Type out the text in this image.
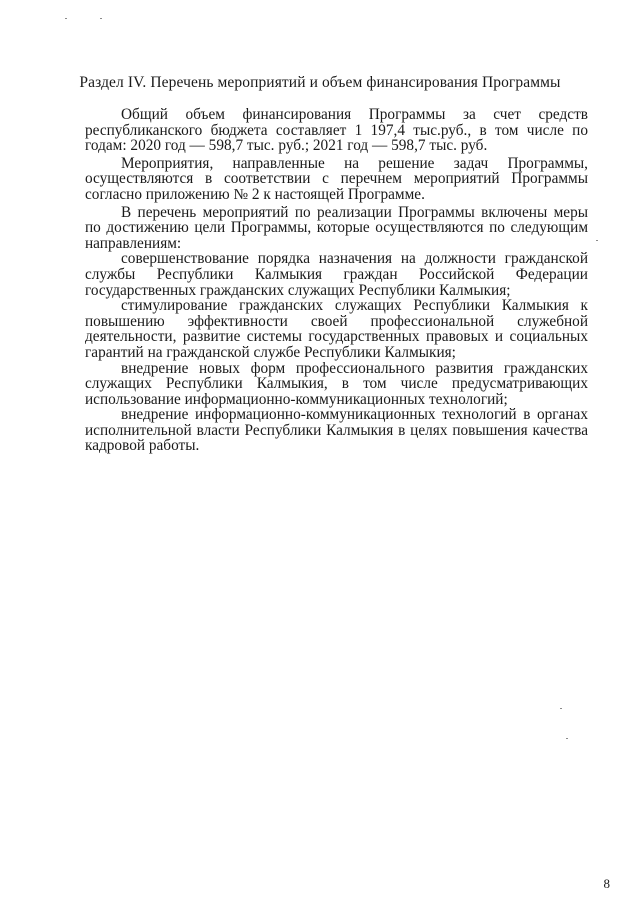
Раздел IV. Перечень мероприятий и объем финансирования Программы

Общий объем финансирования Программы за счет средств республиканского бюджета составляет 1 197,4 тыс.руб., в том числе по годам: 2020 год — 598,7 тыс. руб.; 2021 год — 598,7 тыс. руб.

Мероприятия, направленные на решение задач Программы, осуществляются в соответствии с перечнем мероприятий Программы согласно приложению № 2 к настоящей Программе.

В перечень мероприятий по реализации Программы включены меры по достижению цели Программы, которые осуществляются по следующим направлениям:

совершенствование порядка назначения на должности гражданской службы Республики Калмыкия граждан Российской Федерации государственных гражданских служащих Республики Калмыкия;

стимулирование гражданских служащих Республики Калмыкия к повышению эффективности своей профессиональной служебной деятельности, развитие системы государственных правовых и социальных гарантий на гражданской службе Республики Калмыкия;

внедрение новых форм профессионального развития гражданских служащих Республики Калмыкия, в том числе предусматривающих использование информационно-коммуникационных технологий;

внедрение информационно-коммуникационных технологий в органах исполнительной власти Республики Калмыкия в целях повышения качества кадровой работы.

8
